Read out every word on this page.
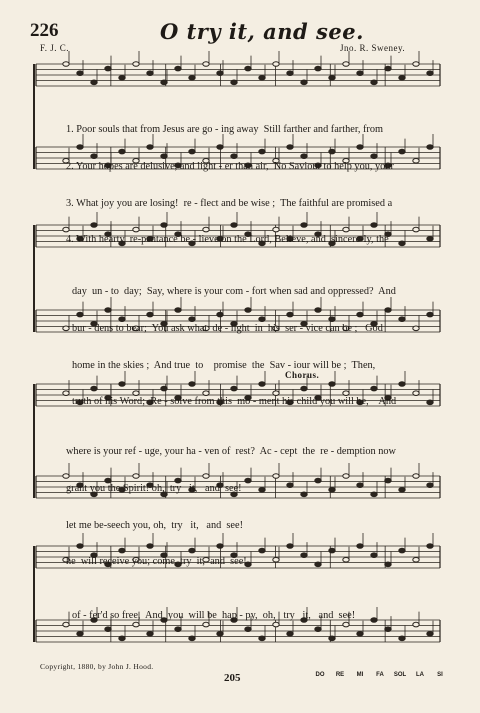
226	O try it, and see.
F. J. C.	Jno. R. Sweney.

1. Poor souls that from Jesus are go - ing away  Still farther and farther, from

2. Your hopes are delusive, and light - er than air,  No Saviour to help you, your

3. What joy you are losing!  re - flect and be wise ;  The faithful are promised a

4. With hearty  re-pentance be - lieve on the Lord, Believe, and  sincere-ly, the

day  un - to  day;  Say, where is your com - fort when sad and oppressed?  And

bur - dens to bear;  You ask what  de - light  in  his  ser - vice can be ;   God

home in the skies ;  And true  to    promise  the  Sav - iour will be ;  Then,

truth of his Word;  Re - solve from this  mo - ment his child you will be,    And

Chorus.

where is your ref - uge, your ha - ven of  rest?  Ac - cept  the  re - demption now

grant you the Spirit! oh,  try   it,   and  see!

let me be-seech you, oh,  try   it,   and  see!

he  will receive you; come, try  it,  and  see!

of - fer'd so free,  And  you  will be  hap - py,  oh,   try   it,   and  see!

Copyright, 1880, by John J. Hood.
205	DO	RE	MI	FA	SOL	LA	SI
